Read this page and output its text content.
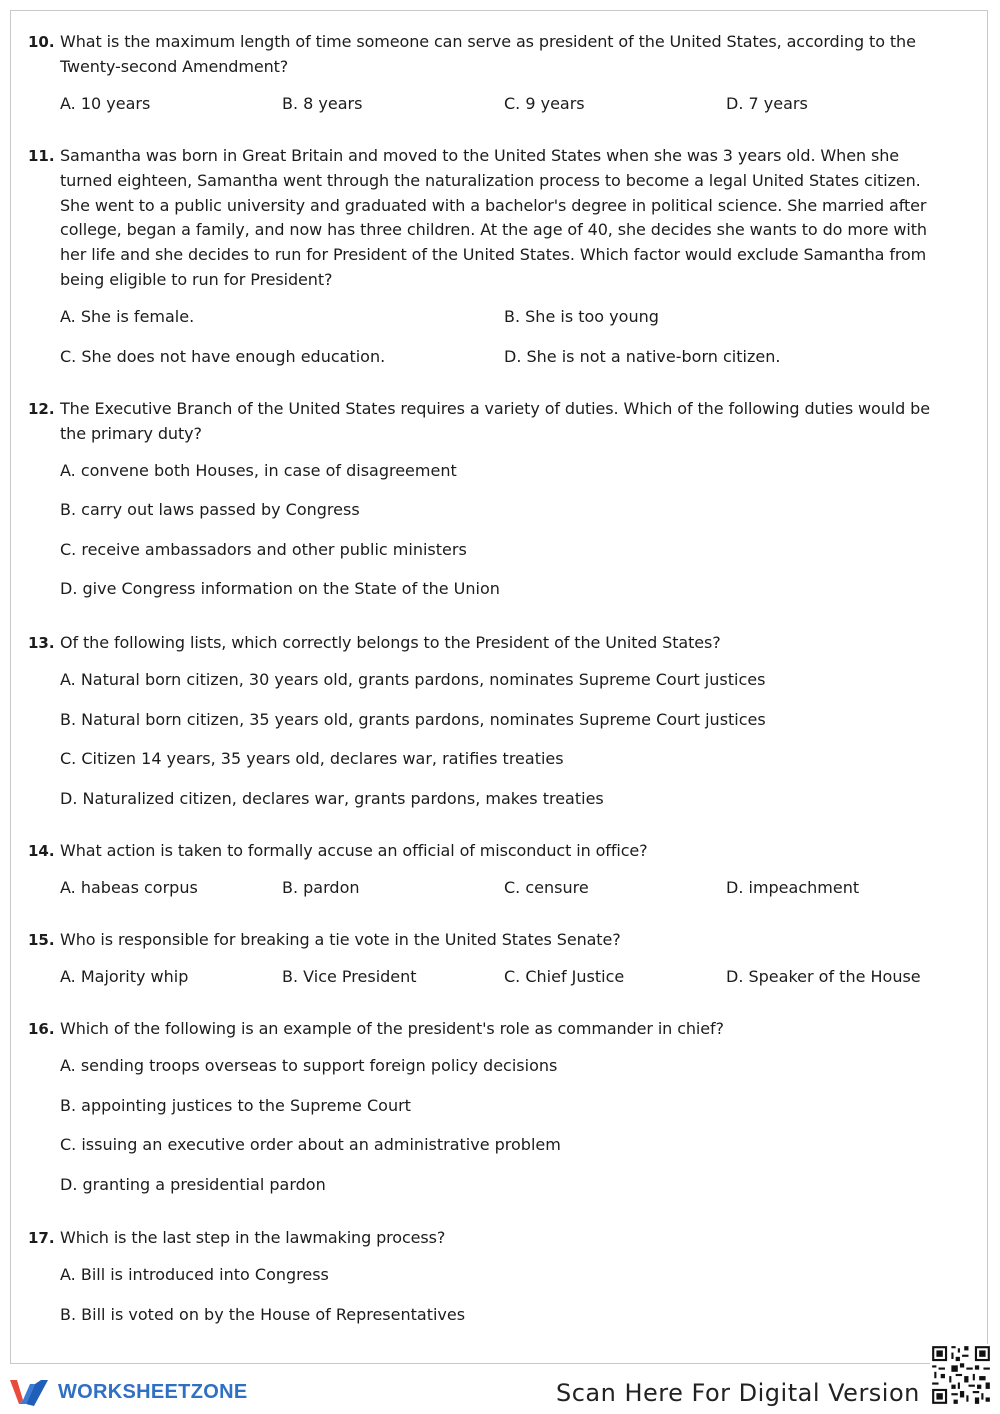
10. What is the maximum length of time someone can serve as president of the United States, according to the Twenty-second Amendment?
A. 10 years	B. 8 years	C. 9 years	D. 7 years
11. Samantha was born in Great Britain and moved to the United States when she was 3 years old. When she turned eighteen, Samantha went through the naturalization process to become a legal United States citizen. She went to a public university and graduated with a bachelor's degree in political science. She married after college, began a family, and now has three children. At the age of 40, she decides she wants to do more with her life and she decides to run for President of the United States. Which factor would exclude Samantha from being eligible to run for President?
A. She is female.	B. She is too young
C. She does not have enough education.	D. She is not a native-born citizen.
12. The Executive Branch of the United States requires a variety of duties. Which of the following duties would be the primary duty?
A. convene both Houses, in case of disagreement
B. carry out laws passed by Congress
C. receive ambassadors and other public ministers
D. give Congress information on the State of the Union
13. Of the following lists, which correctly belongs to the President of the United States?
A. Natural born citizen, 30 years old, grants pardons, nominates Supreme Court justices
B. Natural born citizen, 35 years old, grants pardons, nominates Supreme Court justices
C. Citizen 14 years, 35 years old, declares war, ratifies treaties
D. Naturalized citizen, declares war, grants pardons, makes treaties
14. What action is taken to formally accuse an official of misconduct in office?
A. habeas corpus	B. pardon	C. censure	D. impeachment
15. Who is responsible for breaking a tie vote in the United States Senate?
A. Majority whip	B. Vice President	C. Chief Justice	D. Speaker of the House
16. Which of the following is an example of the president's role as commander in chief?
A. sending troops overseas to support foreign policy decisions
B. appointing justices to the Supreme Court
C. issuing an executive order about an administrative problem
D. granting a presidential pardon
17. Which is the last step in the lawmaking process?
A. Bill is introduced into Congress
B. Bill is voted on by the House of Representatives
WORKSHEETZONE	Scan Here For Digital Version
